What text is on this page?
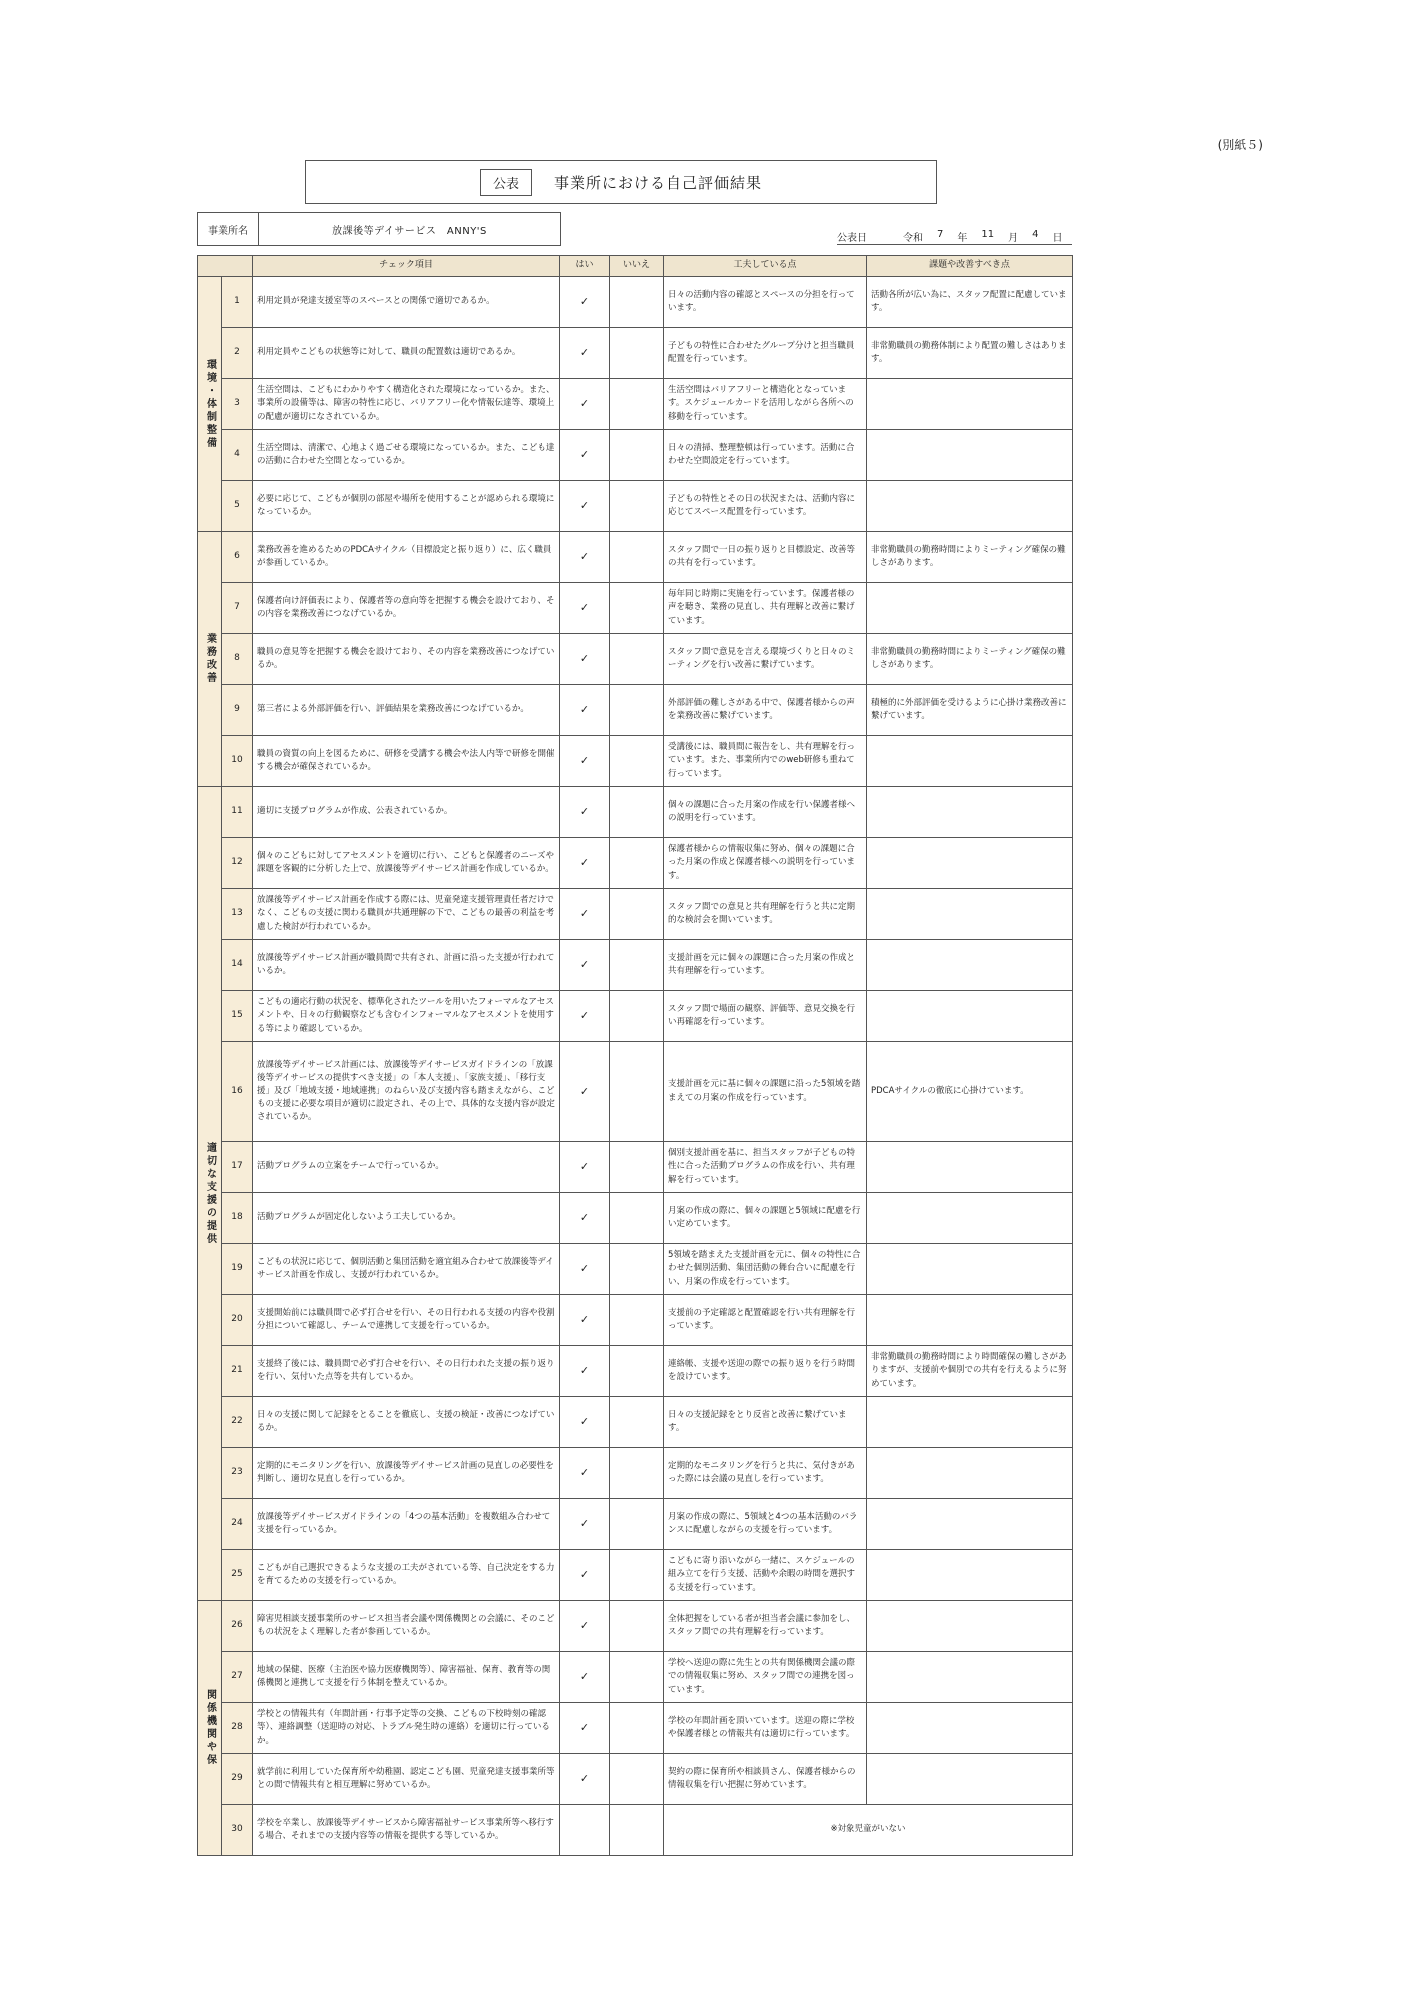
(別紙５)
公表	事業所における自己評価結果
事業所名	放課後等デイサービス　ANNY'S
公表日	令和 7 年 11 月 4 日
		チェック項目	はい	いいえ	工夫している点	課題や改善すべき点

環境・体制整備	1	利用定員が発達支援室等のスペースとの関係で適切であるか。	✓		日々の活動内容の確認とスペースの分担を行っています。	活動各所が広い為に、スタッフ配置に配慮しています。
	2	利用定員やこどもの状態等に対して、職員の配置数は適切であるか。	✓		子どもの特性に合わせたグループ分けと担当職員配置を行っています。	非常勤職員の勤務体制により配置の難しさはあります。
	3	生活空間は、こどもにわかりやすく構造化された環境になっているか。また、事業所の設備等は、障害の特性に応じ、バリアフリー化や情報伝達等、環境上の配慮が適切になされているか。	✓		生活空間はバリアフリーと構造化となっています。スケジュールカードを活用しながら各所への移動を行っています。	
	4	生活空間は、清潔で、心地よく過ごせる環境になっているか。また、こども達の活動に合わせた空間となっているか。	✓		日々の清掃、整理整頓は行っています。活動に合わせた空間設定を行っています。	
	5	必要に応じて、こどもが個別の部屋や場所を使用することが認められる環境になっているか。	✓		子どもの特性とその日の状況または、活動内容に応じてスペース配置を行っています。	

業務改善	6	業務改善を進めるためのPDCAサイクル（目標設定と振り返り）に、広く職員が参画しているか。	✓		スタッフ間で一日の振り返りと目標設定、改善等の共有を行っています。	非常勤職員の勤務時間によりミーティング確保の難しさがあります。
	7	保護者向け評価表により、保護者等の意向等を把握する機会を設けており、その内容を業務改善につなげているか。	✓		毎年同じ時期に実施を行っています。保護者様の声を聴き、業務の見直し、共有理解と改善に繋げています。	
	8	職員の意見等を把握する機会を設けており、その内容を業務改善につなげているか。	✓		スタッフ間で意見を言える環境づくりと日々のミーティングを行い改善に繋げています。	非常勤職員の勤務時間によりミーティング確保の難しさがあります。
	9	第三者による外部評価を行い、評価結果を業務改善につなげているか。	✓		外部評価の難しさがある中で、保護者様からの声を業務改善に繋げています。	積極的に外部評価を受けるように心掛け業務改善に繋げています。
	10	職員の資質の向上を図るために、研修を受講する機会や法人内等で研修を開催する機会が確保されているか。	✓		受講後には、職員間に報告をし、共有理解を行っています。また、事業所内でのweb研修も重ねて行っています。	

適切な支援の提供	11	適切に支援プログラムが作成、公表されているか。	✓		個々の課題に合った月案の作成を行い保護者様への説明を行っています。	
	12	個々のこどもに対してアセスメントを適切に行い、こどもと保護者のニーズや課題を客観的に分析した上で、放課後等デイサービス計画を作成しているか。	✓		保護者様からの情報収集に努め、個々の課題に合った月案の作成と保護者様への説明を行っています。	
	13	放課後等デイサービス計画を作成する際には、児童発達支援管理責任者だけでなく、こどもの支援に関わる職員が共通理解の下で、こどもの最善の利益を考慮した検討が行われているか。	✓		スタッフ間での意見と共有理解を行うと共に定期的な検討会を開いています。	
	14	放課後等デイサービス計画が職員間で共有され、計画に沿った支援が行われているか。	✓		支援計画を元に個々の課題に合った月案の作成と共有理解を行っています。	
	15	こどもの適応行動の状況を、標準化されたツールを用いたフォーマルなアセスメントや、日々の行動観察なども含むインフォーマルなアセスメントを使用する等により確認しているか。	✓		スタッフ間で場面の観察、評価等、意見交換を行い再確認を行っています。	
	16	放課後等デイサービス計画には、放課後等デイサービスガイドラインの「放課後等デイサービスの提供すべき支援」の「本人支援」、「家族支援」、「移行支援」及び「地域支援・地域連携」のねらい及び支援内容も踏まえながら、こどもの支援に必要な項目が適切に設定され、その上で、具体的な支援内容が設定されているか。	✓		支援計画を元に基に個々の課題に沿った5領域を踏まえての月案の作成を行っています。	PDCAサイクルの徹底に心掛けています。
	17	活動プログラムの立案をチームで行っているか。	✓		個別支援計画を基に、担当スタッフが子どもの特性に合った活動プログラムの作成を行い、共有理解を行っています。	
	18	活動プログラムが固定化しないよう工夫しているか。	✓		月案の作成の際に、個々の課題と5領域に配慮を行い定めています。	
	19	こどもの状況に応じて、個別活動と集団活動を適宜組み合わせて放課後等デイサービス計画を作成し、支援が行われているか。	✓		5領域を踏まえた支援計画を元に、個々の特性に合わせた個別活動、集団活動の舞台合いに配慮を行い、月案の作成を行っています。	
	20	支援開始前には職員間で必ず打合せを行い、その日行われる支援の内容や役割分担について確認し、チームで連携して支援を行っているか。	✓		支援前の予定確認と配置確認を行い共有理解を行っています。	
	21	支援終了後には、職員間で必ず打合せを行い、その日行われた支援の振り返りを行い、気付いた点等を共有しているか。	✓		連絡帳、支援や送迎の際での振り返りを行う時間を設けています。	非常勤職員の勤務時間により時間確保の難しさがありますが、支援前や個別での共有を行えるように努めています。
	22	日々の支援に関して記録をとることを徹底し、支援の検証・改善につなげているか。	✓		日々の支援記録をとり反省と改善に繋げています。	
	23	定期的にモニタリングを行い、放課後等デイサービス計画の見直しの必要性を判断し、適切な見直しを行っているか。	✓		定期的なモニタリングを行うと共に、気付きがあった際には会議の見直しを行っています。	
	24	放課後等デイサービスガイドラインの「4つの基本活動」を複数組み合わせて支援を行っているか。	✓		月案の作成の際に、5領域と4つの基本活動のバランスに配慮しながらの支援を行っています。	
	25	こどもが自己選択できるような支援の工夫がされている等、自己決定をする力を育てるための支援を行っているか。	✓		こどもに寄り添いながら一緒に、スケジュールの組み立てを行う支援、活動や余暇の時間を選択する支援を行っています。	

関係機関や保	26	障害児相談支援事業所のサービス担当者会議や関係機関との会議に、そのこどもの状況をよく理解した者が参画しているか。	✓		全体把握をしている者が担当者会議に参加をし、スタッフ間での共有理解を行っています。	
	27	地域の保健、医療（主治医や協力医療機関等）、障害福祉、保育、教育等の関係機関と連携して支援を行う体制を整えているか。	✓		学校へ送迎の際に先生との共有関係機関会議の際での情報収集に努め、スタッフ間での連携を図っています。	
	28	学校との情報共有（年間計画・行事予定等の交換、こどもの下校時刻の確認等）、連絡調整（送迎時の対応、トラブル発生時の連絡）を適切に行っているか。	✓		学校の年間計画を頂いています。送迎の際に学校や保護者様との情報共有は適切に行っています。	
	29	就学前に利用していた保育所や幼稚園、認定こども園、児童発達支援事業所等との間で情報共有と相互理解に努めているか。	✓		契約の際に保育所や相談員さん、保護者様からの情報収集を行い把握に努めています。	
	30	学校を卒業し、放課後等デイサービスから障害福祉サービス事業所等へ移行する場合、それまでの支援内容等の情報を提供する等しているか。			※対象児童がいない	
